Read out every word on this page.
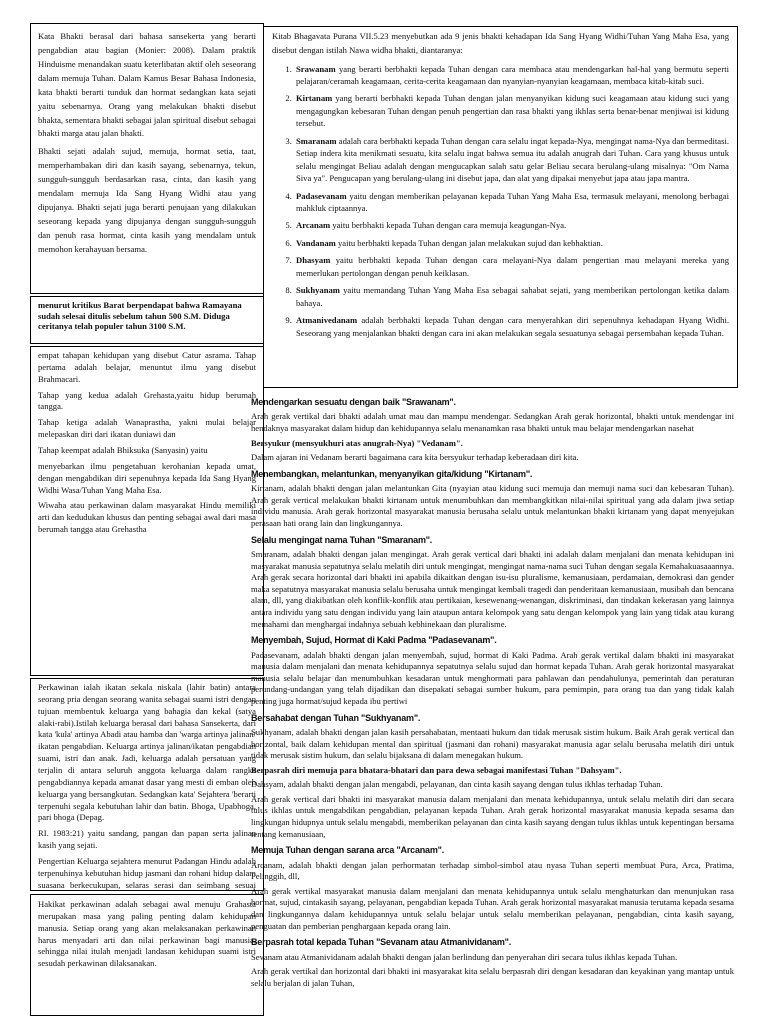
Kata Bhakti berasal dari bahasa sansekerta yang berarti pengabdian atau bagian (Monier: 2008). Dalam praktik Hinduisme menandakan suatu keterlibatan aktif oleh seseorang dalam memuja Tuhan. Dalam Kamus Besar Bahasa Indonesia, kata bhakti berarti tunduk dan hormat sedangkan kata sejati yaitu sebenarnya. Orang yang melakukan bhakti disebut bhakta, sementara bhakti sebagai jalan spiritual disebut sebagai bhakti marga atau jalan bhakti.

Bhakti sejati adalah sujud, memuja, hormat setia, taat, memperhambakan diri dan kasih sayang, sebenarnya, tekun, sungguh-sungguh berdasarkan rasa, cinta, dan kasih yang mendalam memuja Ida Sang Hyang Widhi atau yang dipujanya. Bhakti sejati juga berarti penujaan yang dilakukan seseorang kepada yang dipujanya dengan sungguh-sungguh dan penuh rasa hormat, cinta kasih yang mendalam untuk memohon kerahayuan bersama.

menurut kritikus Barat berpendapat bahwa Ramayana sudah selesai ditulis sebelum tahun 500 S.M. Diduga ceritanya telah populer tahun 3100 S.M.

empat tahapan kehidupan yang disebut Catur asrama. Tahap pertama adalah belajar, menuntut ilmu yang disebut Brahmacari.

Tahap yang kedua adalah Grehasta,yaitu hidup berumah tangga.

Tahap ketiga adalah Wanaprastha, yakni mulai belajar melepaskan diri dari ikatan duniawi dan

Tahap keempat adalah Bhiksuka (Sanyasin) yaitu

menyebarkan ilmu pengetahuan kerohanian kepada umat, dengan mengabdikan diri sepenuhnya kepada Ida Sang Hyang Widhi Wasa/Tuhan Yang Maha Esa.

Wiwaha atau perkawinan dalam masyarakat Hindu memiliki arti dan kedudukan khusus dan penting sebagai awal dari masa berumah tangga atau Grehastha

Perkawinan ialah ikatan sekala niskala (lahir batin) antara seorang pria dengan seorang wanita sebagai suami istri dengan tujuan membentuk keluarga yang bahagia dan kekal (satya alaki-rabi).Istilah keluarga berasal dari bahasa Sansekerta, dari kata 'kula' artinya Abadi atau hamba dan 'warga artinya jalinan/ ikatan pengabdian. Keluarga artinya jalinan/ikatan pengabdian suami, istri dan anak. Jadi, keluarga adalah persatuan yang terjalin di antara seluruh anggota keluarga dalam rangka pengabdiannya kepada amanat dasar yang mesti di emban oleh keluarga yang bersangkutan. Sedangkan kata' Sejahtera 'berarti terpenuhi segala kebutuhan lahir dan batin. Bhoga, Upabhoga, pari bhoga (Depag.

RI. 1983:21) yaitu sandang, pangan dan papan serta jalinan kasih yang sejati.

Pengertian Keluarga sejahtera menurut Padangan Hindu adalah terpenuhinya kebutuhan hidup jasmani dan rohani hidup dalam suasana berkecukupan, selaras serasi dan seimbang sesuai

Hakikat perkawinan adalah sebagai awal menuju Grahasta merupakan masa yang paling penting dalam kehidupan manusia. Setiap orang yang akan melaksanakan perkawinan harus menyadari arti dan nilai perkawinan bagi manusia, sehingga nilai itulah menjadi landasan kehidupan suami istri sesudah perkawinan dilaksanakan.

Kitab Bhagavata Purana VII.5.23 menyebutkan ada 9 jenis bhakti kehadapan Ida Sang Hyang Widhi/Tuhan Yang Maha Esa, yang disebut dengan istilah Nawa widha bhakti, diantaranya:

1. Srawanam yang berarti berbhakti kepada Tuhan dengan cara membaca atau mendengarkan hal-hal yang bermutu seperti pelajaran/ceramah keagamaan, cerita-cerita keagamaan dan nyanyian-nyanyian keagamaan, membaca kitab-kitab suci.
2. Kirtanam yang berarti berbhakti kepada Tuhan dengan jalan menyanyikan kidung suci keagamaan atau kidung suci yang mengagungkan kebesaran Tuhan dengan penuh pengertian dan rasa bhakti yang ikhlas serta benar-benar menjiwai isi kidung tersebut.
3. Smaranam adalah cara berbhakti kepada Tuhan dengan cara selalu ingat kepada-Nya, mengingat nama-Nya dan bermeditasi. Setiap indera kita menikmati sesuatu, kita selalu ingat bahwa semua itu adalah anugrah dari Tuhan. Cara yang khusus untuk selalu mengingat Beliau adalah dengan mengucapkan salah satu gelar Beliau secara berulang-ulang misalnya: "Om Nama Siva ya". Pengucapan yang berulang-ulang ini disebut japa, dan alat yang dipakai menyebut japa atau japa mantra.
4. Padasevanam yaitu dengan memberikan pelayanan kepada Tuhan Yang Maha Esa, termasuk melayani, menolong berbagai mahkluk ciptaannya.
5. Arcanam yaitu berbhakti kepada Tuhan dengan cara memuja keagungan-Nya.
6. Vandanam yaitu berbhakti kepada Tuhan dengan jalan melakukan sujud dan kebhaktian.
7. Dhasyam yaitu berbhakti kepada Tuhan dengan cara melayani-Nya dalam pengertian mau melayani mereka yang memerlukan pertolongan dengan penuh keiklasan.
8. Sukhyanam yaitu memandang Tuhan Yang Maha Esa sebagai sahabat sejati, yang memberikan pertolongan ketika dalam bahaya.
9. Atmanivedanam adalah berbhakti kepada Tuhan dengan cara menyerahkan diri sepenuhnya kehadapan Hyang Widhi. Seseorang yang menjalankan bhakti dengan cara ini akan melakukan segala sesuatunya sebagai persembahan kepada Tuhan.
Mendengarkan sesuatu dengan baik "Srawanam".

Arah gerak vertikal dari bhakti adalah umat mau dan mampu mendengar. Sedangkan Arah gerak horizontal, bhakti untuk mendengar ini hendaknya masyarakat dalam hidup dan kehidupannya selalu menanamkan rasa bhakti untuk mau belajar mendengarkan nasehat

Bersyukur (mensyukhuri atas anugrah-Nya) "Vedanam".

Dalam ajaran ini Vedanam berarti bagaimana cara kita bersyukur terhadap keberadaan diri kita.

Menembangkan, melantunkan, menyanyikan gita/kidung "Kirtanam".

Kirtanam, adalah bhakti dengan jalan melantunkan Gita (nyayian atau kidung suci memuja dan memuji nama suci dan kebesaran Tuhan). Arah gerak vertical melakukan bhakti kirtanam untuk menumbuhkan dan membangkitkan nilai-nilai spiritual yang ada dalam jiwa setiap individu manusia. Arah gerak horizontal masyarakat manusia berusaha selalu untuk melantunkan bhakti kirtanam yang dapat menyejukan perasaan hati orang lain dan lingkungannya.

Selalu mengingat nama Tuhan "Smaranam".

Smaranam, adalah bhakti dengan jalan mengingat. Arah gerak vertical dari bhakti ini adalah dalam menjalani dan menata kehidupan ini masyarakat manusia sepatutnya selalu melatih diri untuk mengingat, mengingat nama-nama suci Tuhan dengan segala Kemahakuasaaannya. Arah gerak secara horizontal dari bhakti ini apabila dikaitkan dengan isu-isu pluralisme, kemanusiaan, perdamaian, demokrasi dan gender maka sepatutnya masyarakat manusia selalu berusaha untuk mengingat kembali tragedi dan penderitaan kemanusiaan, musibah dan bencana alam, dll, yang diakibatkan oleh konflik-konflik atau pertikaian, kesewenang-wenangan, diskriminasi, dan tindakan kekerasan yang lainnya antara individu yang satu dengan individu yang lain ataupun antara kelompok yang satu dengan kelompok yang lain yang tidak atau kurang memahami dan menghargai indahnya sebuah kebhinekaan dan pluralisme.

Menyembah, Sujud, Hormat di Kaki Padma "Padasevanam".

Padasevanam, adalah bhakti dengan jalan menyembah, sujud, hormat di Kaki Padma. Arah gerak vertikal dalam bhakti ini masyarakat manusia dalam menjalani dan menata kehidupannya sepatutnya selalu sujud dan hormat kepada Tuhan. Arah gerak horizontal masyarakat manusia selalu belajar dan menumbuhkan kesadaran untuk menghormati para pahlawan dan pendahulunya, pemerintah dan peraturan perundang-undangan yang telah dijadikan dan disepakati sebagai sumber hukum, para pemimpin, para orang tua dan yang tidak kalah penting juga hormat/sujud kepada ibu pertiwi

Bersahabat dengan Tuhan "Sukhyanam".

Sukhyanam, adalah bhakti dengan jalan kasih persahabatan, mentaati hukum dan tidak merusak sistim hukum. Baik Arah gerak vertical dan horizontal, baik dalam kehidupan mental dan spiritual (jasmani dan rohani) masyarakat manusia agar selalu berusaha melatih diri untuk tidak merusak sistim hukum, dan selalu bijaksana di dalam menegakan hukum.

Berpasrah diri memuja para bhatara-bhatari dan para dewa sebagai manifestasi Tuhan "Dahsyam".

Dahsyam, adalah bhakti dengan jalan mengabdi, pelayanan, dan cinta kasih sayang dengan tulus ikhlas terhadap Tuhan.

Arah gerak vertical dari bhakti ini masyarakat manusia dalam menjalani dan menata kehidupannya, untuk selalu melatih diri dan secara tulus ikhlas untuk mengabdikan pengabdian, pelayanan kepada Tuhan. Arah gerak horizontal masyarakat manusia kepada sesama dan lingkungan hidupnya untuk selalu mengabdi, memberikan pelayanan dan cinta kasih sayang dengan tulus ikhlas untuk kepentingan bersama tentang kemanusiaan,

Memuja Tuhan dengan sarana arca "Arcanam".

Arcanam, adalah bhakti dengan jalan perhormatan terhadap simbol-simbol atau nyasa Tuhan seperti membuat Pura, Arca, Pratima, Pelinggih, dll,

Arah gerak vertikal masyarakat manusia dalam menjalani dan menata kehidupannya untuk selalu menghaturkan dan menunjukan rasa hormat, sujud, cintakasih sayang, pelayanan, pengabdian kepada Tuhan. Arah gerak horizontal masyarakat manusia terutama kepada sesama dan lingkungannya dalam kehidupannya untuk selalu belajar untuk selalu memberikan pelayanan, pengabdian, cinta kasih sayang, penguatan dan pemberian penghargaan kepada orang lain.

Berpasrah total kepada Tuhan "Sevanam atau Atmanividanam".

Sevanam atau Atmanividanam adalah bhakti dengan jalan berlindung dan penyerahan diri secara tulus ikhlas kepada Tuhan.

Arah gerak vertikal dan horizontal dari bhakti ini masyarakat kita selalu berpasrah diri dengan kesadaran dan keyakinan yang mantap untuk selalu berjalan di jalan Tuhan,
